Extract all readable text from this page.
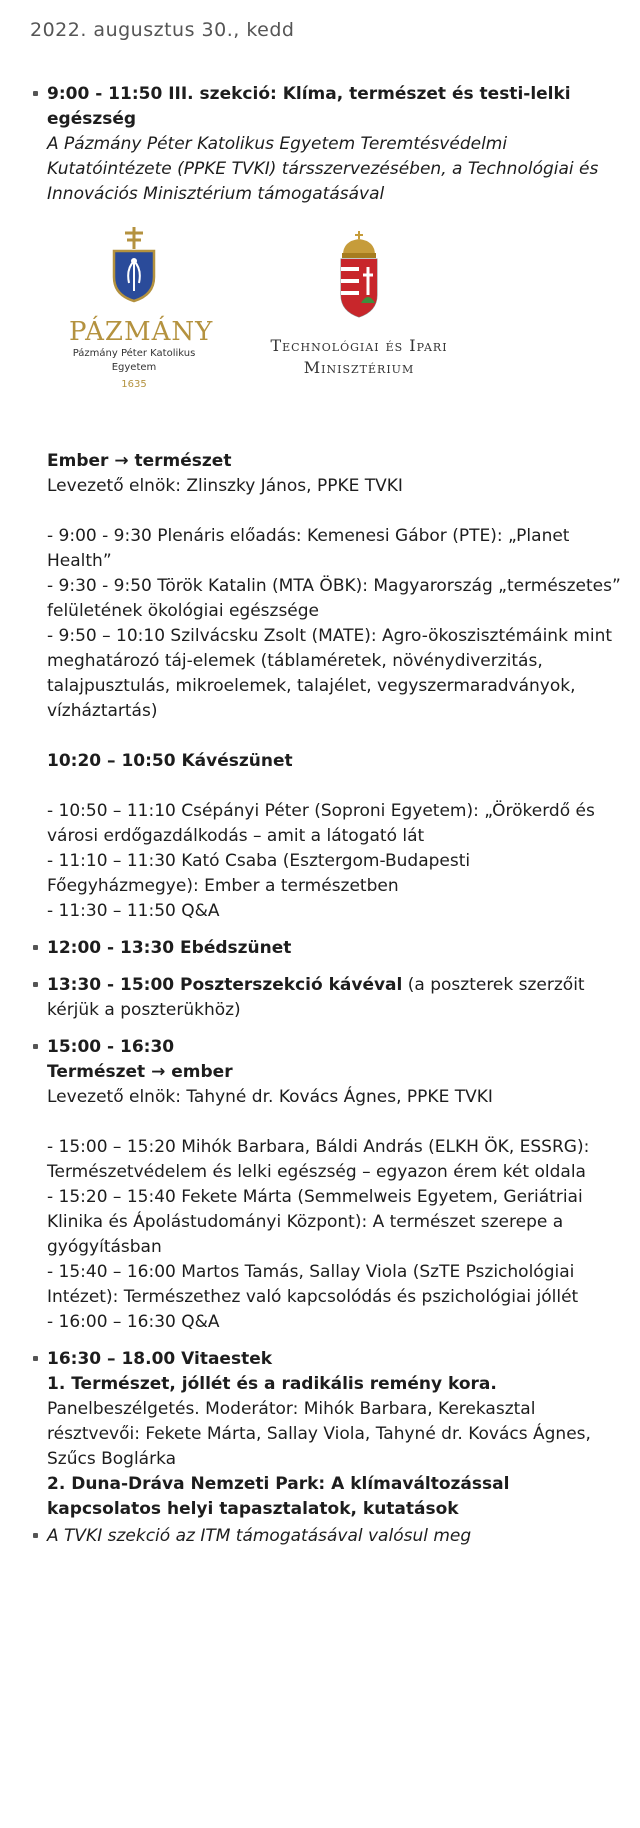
2022. augusztus 30., kedd
9:00 - 11:50 III. szekció: Klíma, természet és testi-lelki egészség
A Pázmány Péter Katolikus Egyetem Teremtésvédelmi Kutatóintézete (PPKE TVKI) társszervezésében, a Technológiai és Innovációs Minisztérium támogatásával
PÁZMÁNY
Pázmány Péter Katolikus Egyetem
1635
Technológiai és Ipari
Minisztérium
Ember → természet
Levezető elnök: Zlinszky János, PPKE TVKI
- 9:00 - 9:30 Plenáris előadás: Kemenesi Gábor (PTE): „Planet Health”
- 9:30 - 9:50 Török Katalin (MTA ÖBK): Magyarország „természetes” felületének ökológiai egészsége
- 9:50 – 10:10 Szilvácsku Zsolt (MATE): Agro-ökoszisztémáink mint meghatározó táj-elemek (táblaméretek, növénydiverzitás, talajpusztulás, mikroelemek, talajélet, vegyszermaradványok, vízháztartás)
10:20 – 10:50 Kávészünet
- 10:50 – 11:10 Csépányi Péter (Soproni Egyetem): „Örökerdő és városi erdőgazdálkodás – amit a látogató lát
- 11:10 – 11:30 Kató Csaba (Esztergom-Budapesti Főegyházmegye): Ember a természetben
- 11:30 – 11:50 Q&A
12:00 - 13:30 Ebédszünet
13:30 - 15:00 Poszterszekció kávéval (a poszterek szerzőit kérjük a poszterükhöz)
15:00 - 16:30
Természet → ember
Levezető elnök: Tahyné dr. Kovács Ágnes, PPKE TVKI
- 15:00 – 15:20 Mihók Barbara, Báldi András (ELKH ÖK, ESSRG): Természetvédelem és lelki egészség – egyazon érem két oldala
- 15:20 – 15:40 Fekete Márta (Semmelweis Egyetem, Geriátriai Klinika és Ápolástudományi Központ): A természet szerepe a gyógyításban
- 15:40 – 16:00 Martos Tamás, Sallay Viola (SzTE Pszichológiai Intézet): Természethez való kapcsolódás és pszichológiai jóllét
- 16:00 – 16:30 Q&A
16:30 – 18.00 Vitaestek
1. Természet, jóllét és a radikális remény kora. Panelbeszélgetés. Moderátor: Mihók Barbara, Kerekasztal résztvevői: Fekete Márta, Sallay Viola, Tahyné dr. Kovács Ágnes, Szűcs Boglárka
2. Duna-Dráva Nemzeti Park: A klímaváltozással kapcsolatos helyi tapasztalatok, kutatások
A TVKI szekció az ITM támogatásával valósul meg
